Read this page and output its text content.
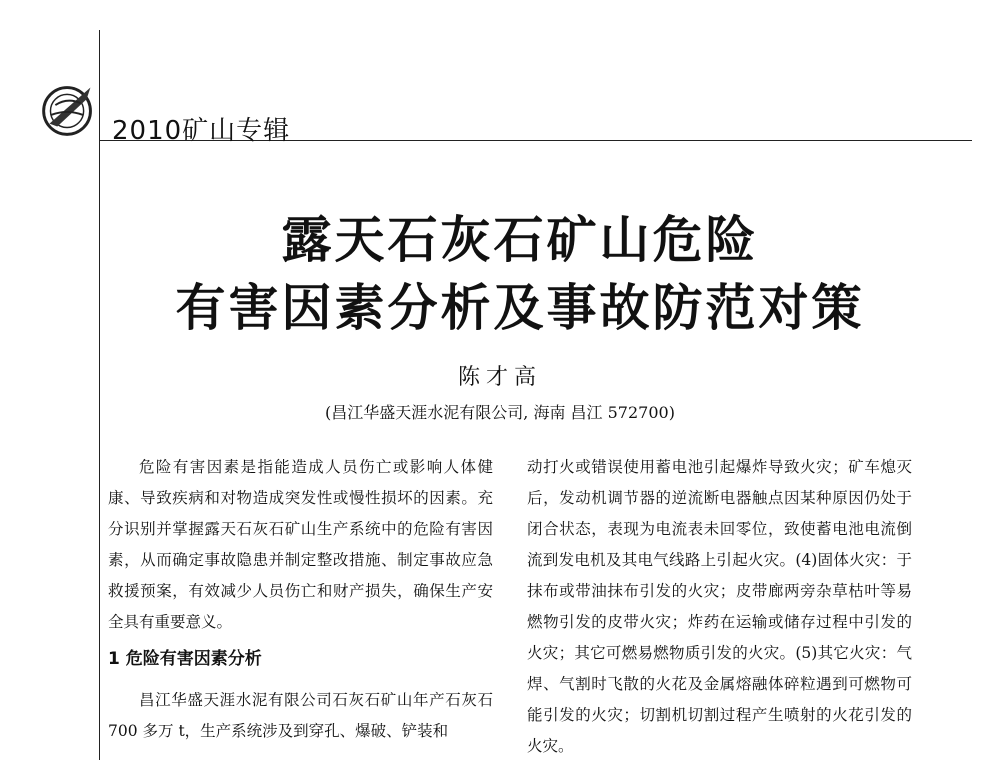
2010矿山专辑
露天石灰石矿山危险
有害因素分析及事故防范对策
陈才高
(昌江华盛天涯水泥有限公司, 海南 昌江 572700)

危险有害因素是指能造成人员伤亡或影响人体健康、导致疾病和对物造成突发性或慢性损坏的因素。充分识别并掌握露天石灰石矿山生产系统中的危险有害因素，从而确定事故隐患并制定整改措施、制定事故应急救援预案，有效减少人员伤亡和财产损失，确保生产安全具有重要意义。

1 危险有害因素分析

昌江华盛天涯水泥有限公司石灰石矿山年产石灰石 700 多万 t，生产系统涉及到穿孔、爆破、铲装和

动打火或错误使用蓄电池引起爆炸导致火灾；矿车熄灭后，发动机调节器的逆流断电器触点因某种原因仍处于闭合状态，表现为电流表未回零位，致使蓄电池电流倒流到发电机及其电气线路上引起火灾。(4)固体火灾：于抹布或带油抹布引发的火灾；皮带廊两旁杂草枯叶等易燃物引发的皮带火灾；炸药在运输或储存过程中引发的火灾；其它可燃易燃物质引发的火灾。(5)其它火灾：气焊、气割时飞散的火花及金属熔融体碎粒遇到可燃物可能引发的火灾；切割机切割过程产生喷射的火花引发的火灾。
